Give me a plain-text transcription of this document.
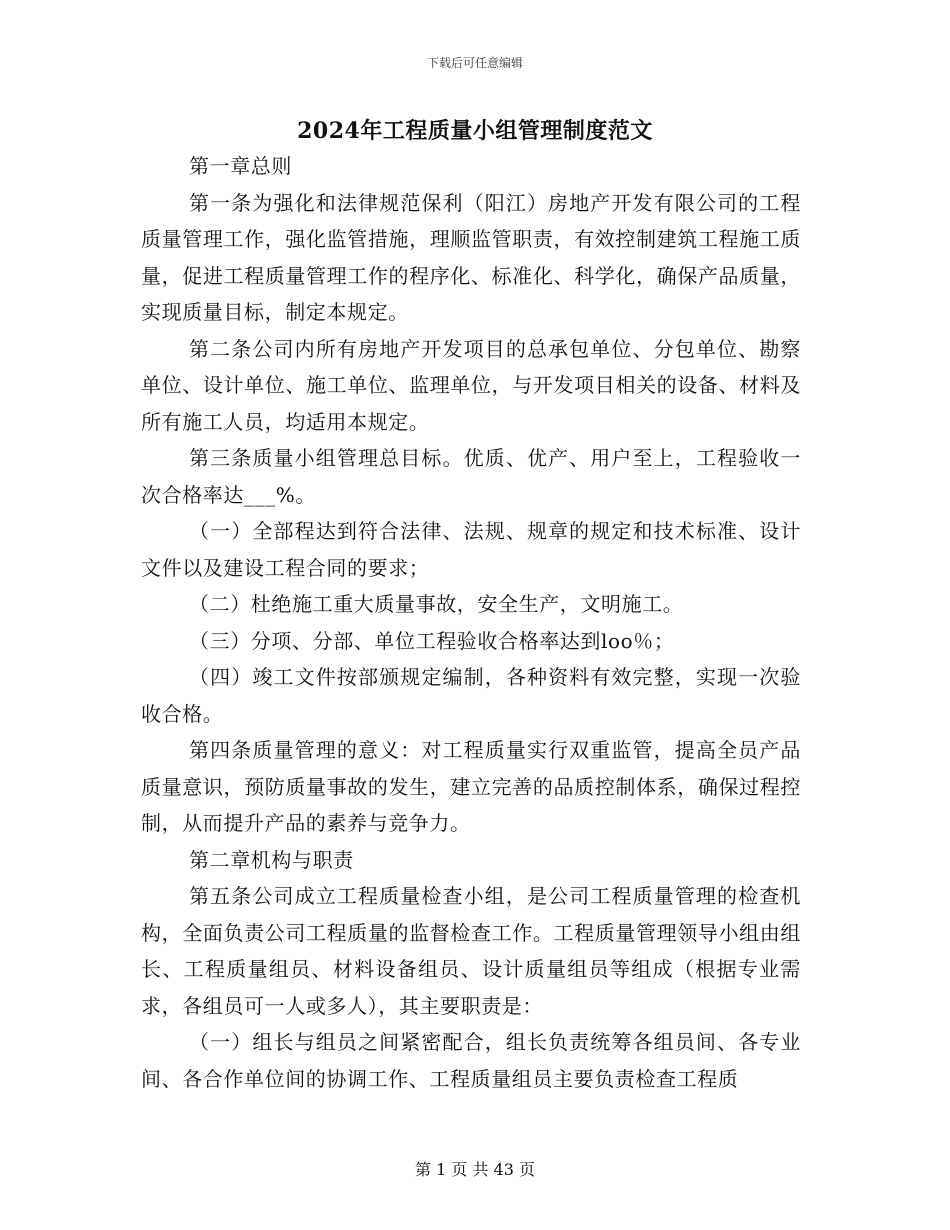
下载后可任意编辑
2024年工程质量小组管理制度范文

第一章总则

第一条为强化和法律规范保利（阳江）房地产开发有限公司的工程质量管理工作，强化监管措施，理顺监管职责，有效控制建筑工程施工质量，促进工程质量管理工作的程序化、标准化、科学化，确保产品质量，实现质量目标，制定本规定。

第二条公司内所有房地产开发项目的总承包单位、分包单位、勘察单位、设计单位、施工单位、监理单位，与开发项目相关的设备、材料及所有施工人员，均适用本规定。

第三条质量小组管理总目标。优质、优产、用户至上，工程验收一次合格率达___%。

（一）全部程达到符合法律、法规、规章的规定和技术标准、设计文件以及建设工程合同的要求；

（二）杜绝施工重大质量事故，安全生产，文明施工。

（三）分项、分部、单位工程验收合格率达到loo％；

（四）竣工文件按部颁规定编制，各种资料有效完整，实现一次验收合格。

第四条质量管理的意义：对工程质量实行双重监管，提高全员产品质量意识，预防质量事故的发生，建立完善的品质控制体系，确保过程控制，从而提升产品的素养与竞争力。

第二章机构与职责

第五条公司成立工程质量检查小组，是公司工程质量管理的检查机构，全面负责公司工程质量的监督检查工作。工程质量管理领导小组由组长、工程质量组员、材料设备组员、设计质量组员等组成（根据专业需求，各组员可一人或多人），其主要职责是：

（一）组长与组员之间紧密配合，组长负责统筹各组员间、各专业间、各合作单位间的协调工作、工程质量组员主要负责检查工程质

第 1 页 共 43 页
